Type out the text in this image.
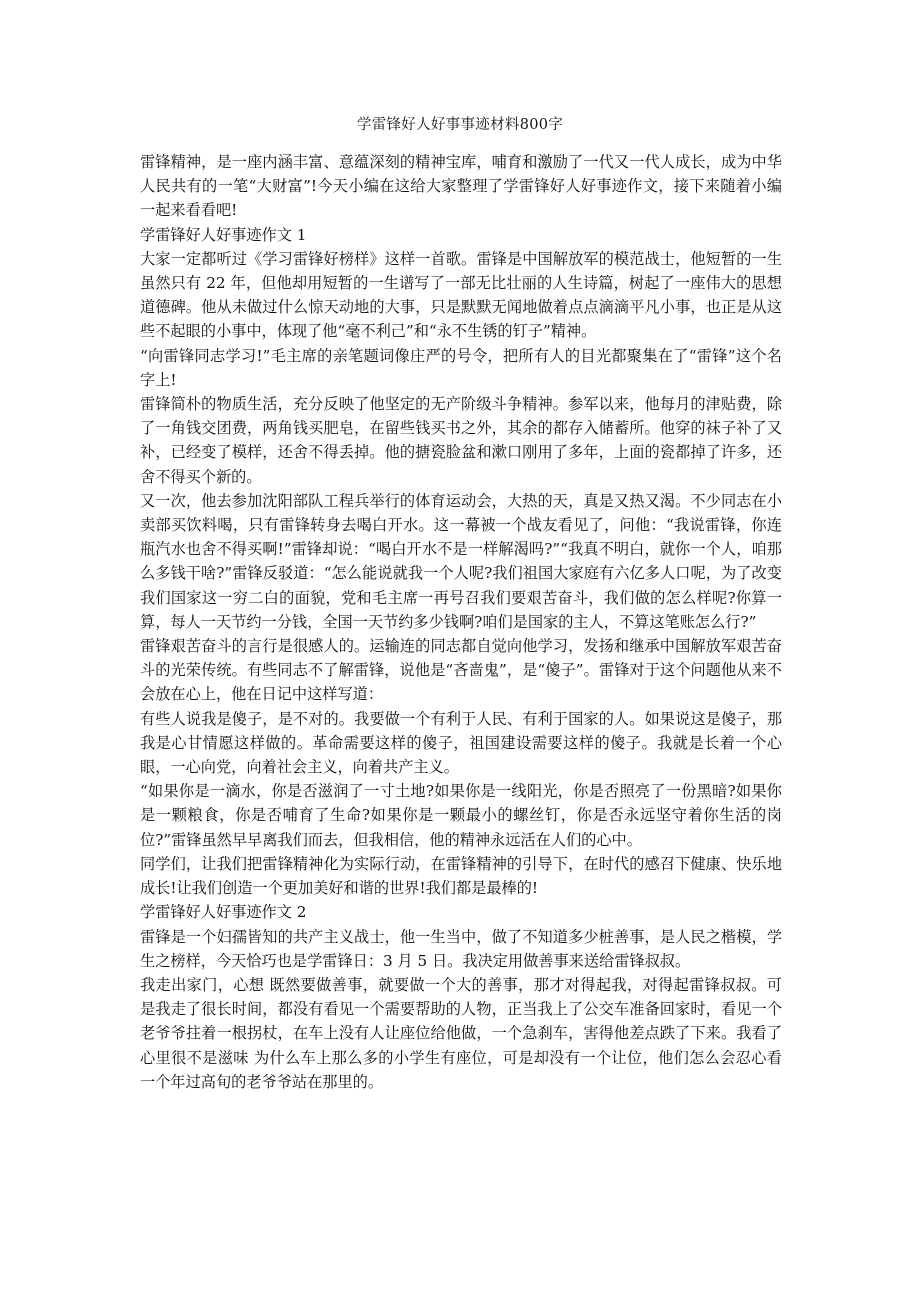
学雷锋好人好事事迹材料800字

雷锋精神，是一座内涵丰富、意蕴深刻的精神宝库，哺育和激励了一代又一代人成长，成为中华人民共有的一笔“大财富”!今天小编在这给大家整理了学雷锋好人好事迹作文，接下来随着小编一起来看看吧!

学雷锋好人好事迹作文 1

大家一定都听过《学习雷锋好榜样》这样一首歌。雷锋是中国解放军的模范战士，他短暂的一生虽然只有 22 年，但他却用短暂的一生谱写了一部无比壮丽的人生诗篇，树起了一座伟大的思想道德碑。他从未做过什么惊天动地的大事，只是默默无闻地做着点点滴滴平凡小事，也正是从这些不起眼的小事中，体现了他“毫不利己”和“永不生锈的钉子”精神。

“向雷锋同志学习!”毛主席的亲笔题词像庄严的号令，把所有人的目光都聚集在了“雷锋”这个名字上!

雷锋简朴的物质生活，充分反映了他坚定的无产阶级斗争精神。参军以来，他每月的津贴费，除了一角钱交团费，两角钱买肥皂，在留些钱买书之外，其余的都存入储蓄所。他穿的袜子补了又补，已经变了模样，还舍不得丢掉。他的搪瓷脸盆和漱口刚用了多年，上面的瓷都掉了许多，还舍不得买个新的。

又一次，他去参加沈阳部队工程兵举行的体育运动会，大热的天，真是又热又渴。不少同志在小卖部买饮料喝，只有雷锋转身去喝白开水。这一幕被一个战友看见了，问他：“我说雷锋，你连瓶汽水也舍不得买啊!”雷锋却说：“喝白开水不是一样解渴吗?”“我真不明白，就你一个人，咱那么多钱干啥?”雷锋反驳道：“怎么能说就我一个人呢?我们祖国大家庭有六亿多人口呢，为了改变我们国家这一穷二白的面貌，党和毛主席一再号召我们要艰苦奋斗，我们做的怎么样呢?你算一算，每人一天节约一分钱，全国一天节约多少钱啊?咱们是国家的主人，不算这笔账怎么行?”

雷锋艰苦奋斗的言行是很感人的。运输连的同志都自觉向他学习，发扬和继承中国解放军艰苦奋斗的光荣传统。有些同志不了解雷锋，说他是“吝啬鬼”，是“傻子”。雷锋对于这个问题他从来不会放在心上，他在日记中这样写道：

有些人说我是傻子，是不对的。我要做一个有利于人民、有利于国家的人。如果说这是傻子，那我是心甘情愿这样做的。革命需要这样的傻子，祖国建设需要这样的傻子。我就是长着一个心眼，一心向党，向着社会主义，向着共产主义。

“如果你是一滴水，你是否滋润了一寸土地?如果你是一线阳光，你是否照亮了一份黑暗?如果你是一颗粮食，你是否哺育了生命?如果你是一颗最小的螺丝钉，你是否永远坚守着你生活的岗位?”雷锋虽然早早离我们而去，但我相信，他的精神永远活在人们的心中。

同学们，让我们把雷锋精神化为实际行动，在雷锋精神的引导下，在时代的感召下健康、快乐地成长!让我们创造一个更加美好和谐的世界!我们都是最棒的!

学雷锋好人好事迹作文 2

雷锋是一个妇孺皆知的共产主义战士，他一生当中，做了不知道多少桩善事，是人民之楷模，学生之榜样，今天恰巧也是学雷锋日：3 月 5 日。我决定用做善事来送给雷锋叔叔。

我走出家门，心想 既然要做善事，就要做一个大的善事，那才对得起我，对得起雷锋叔叔。可是我走了很长时间，都没有看见一个需要帮助的人物，正当我上了公交车准备回家时，看见一个老爷爷拄着一根拐杖，在车上没有人让座位给他做，一个急刹车，害得他差点跌了下来。我看了心里很不是滋味 为什么车上那么多的小学生有座位，可是却没有一个让位，他们怎么会忍心看一个年过高旬的老爷爷站在那里的。
